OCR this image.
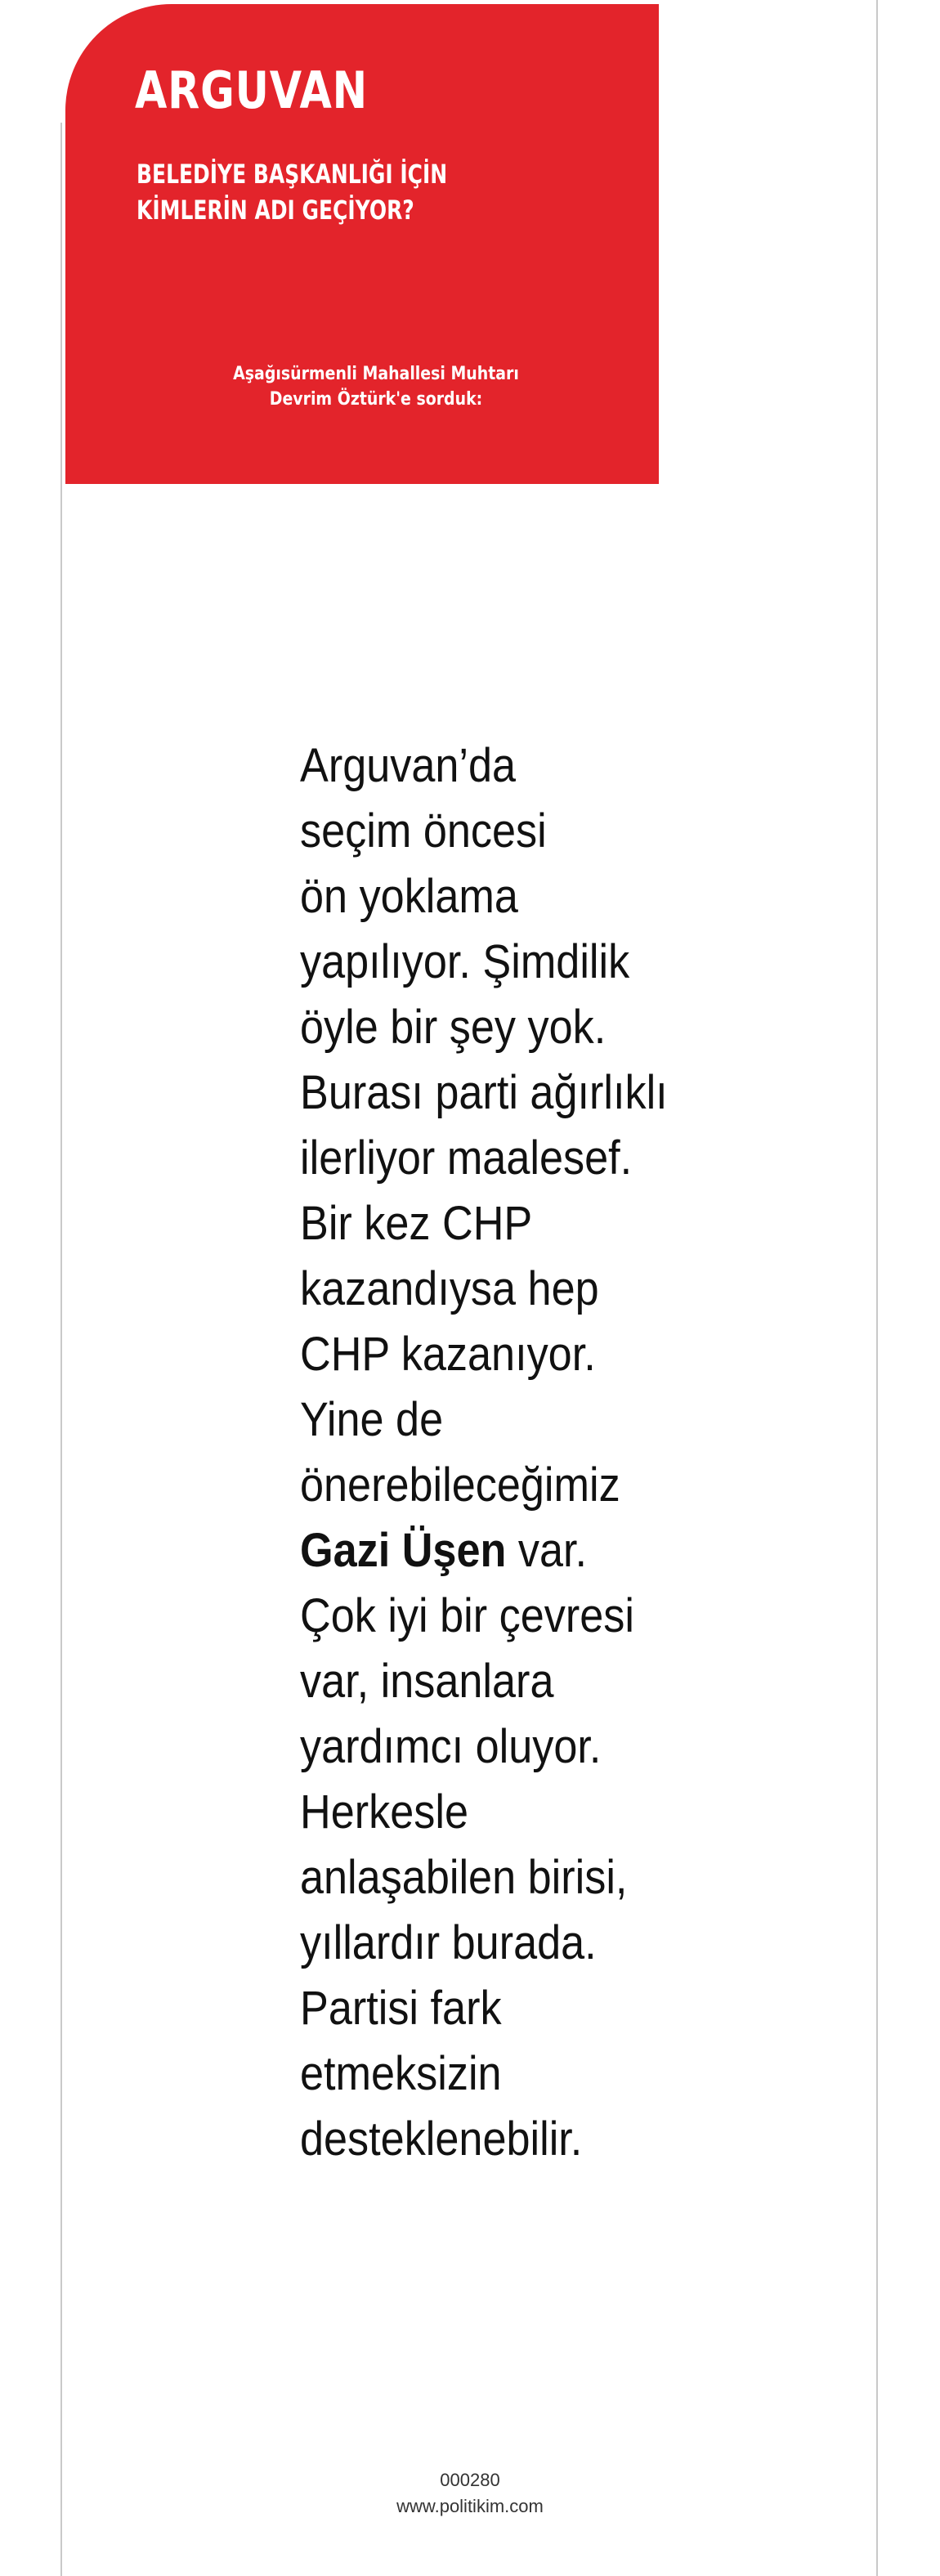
ARGUVAN
BELEDİYE BAŞKANLIĞI İÇİN
KİMLERİN ADI GEÇİYOR?

Aşağısürmenli Mahallesi Muhtarı
Devrim Öztürk'e sorduk:

Arguvan’da
seçim öncesi
ön yoklama
yapılıyor. Şimdilik
öyle bir şey yok.
Burası parti ağırlıklı
ilerliyor maalesef.
Bir kez CHP
kazandıysa hep
CHP kazanıyor.
Yine de
önerebileceğimiz
Gazi Üşen var.
Çok iyi bir çevresi
var, insanlara
yardımcı oluyor.
Herkesle
anlaşabilen birisi,
yıllardır burada.
Partisi fark
etmeksizin
desteklenebilir.
000280
www.politikim.com
